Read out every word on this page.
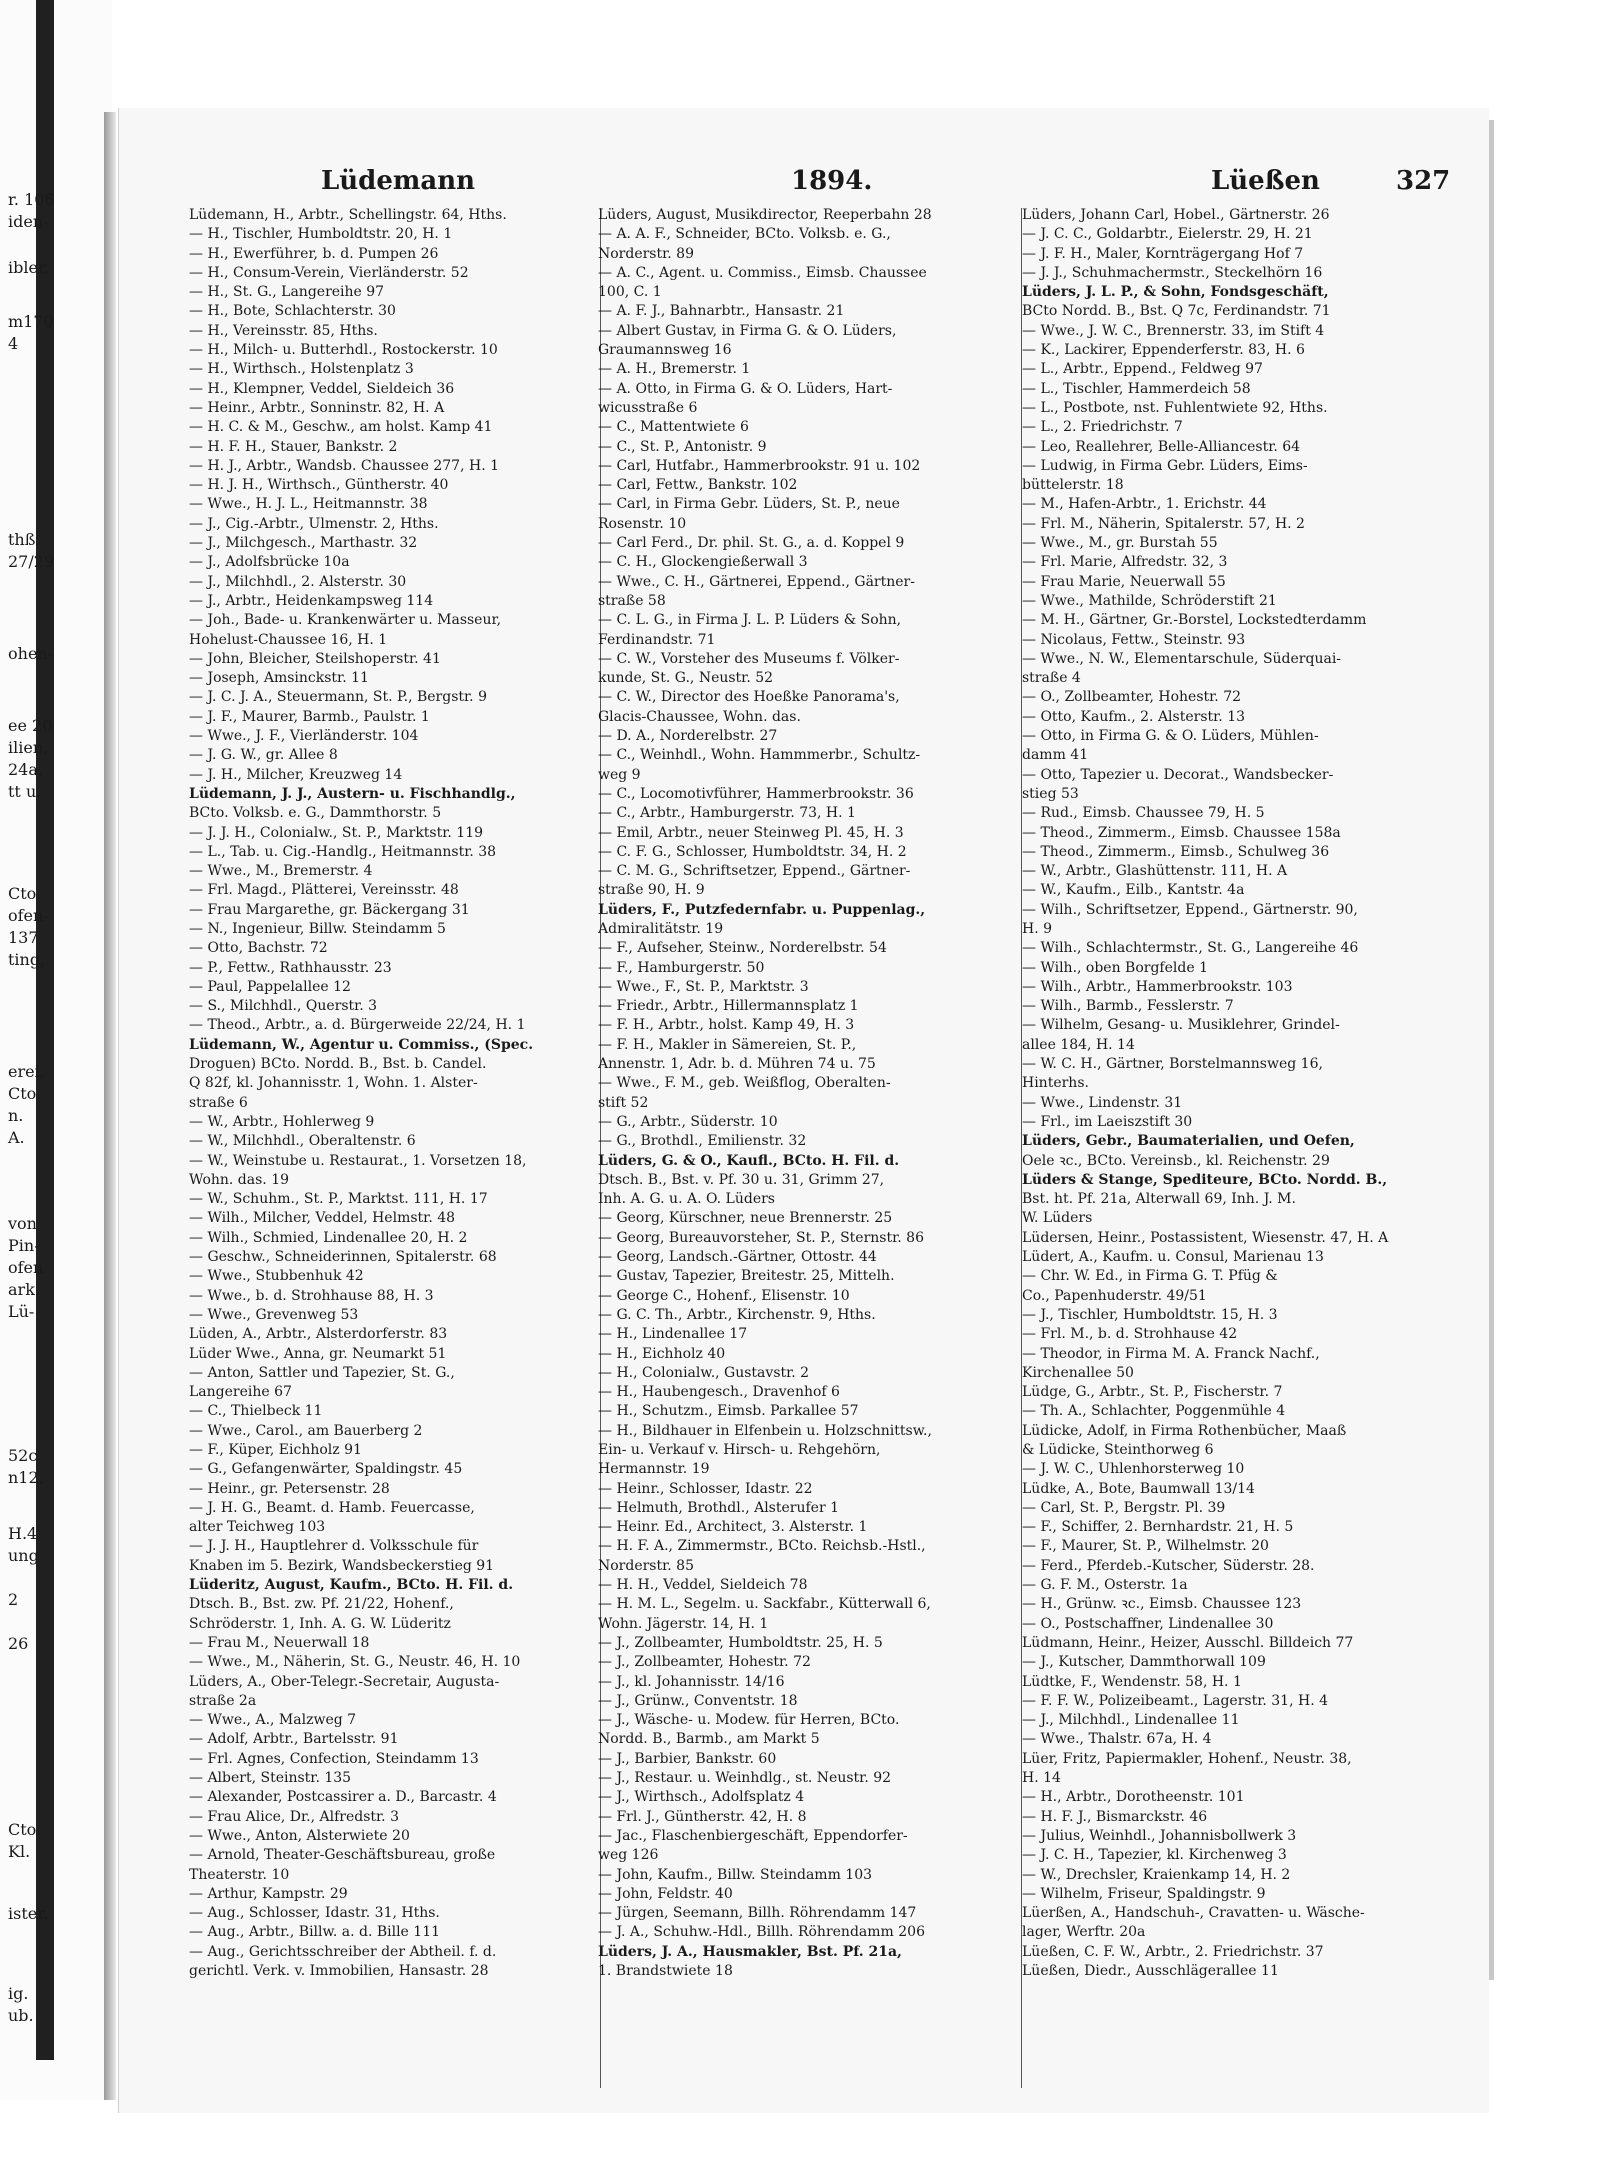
r. 106
iden-
ibler,
m170
4
thß.
27/29
ohen-
ee 20
ilien,
24a,
tt u.
Cto.
ofen-
137
ting,
erei,
Cto.
n.
A.
von
Pin-
ofen
ark
Lü-
52c
n12,
H.4
ung
2
26
Cto.
Kl.
ister.
ig.
ub.
Lüdemann	1894.	Lüeßen	327
Lüdemann, H., Arbtr., Schellingstr. 64, Hths.
— H., Tischler, Humboldtstr. 20, H. 1
— H., Ewerführer, b. d. Pumpen 26
— H., Consum-Verein, Vierländerstr. 52
— H., St. G., Langereihe 97
— H., Bote, Schlachterstr. 30
— H., Vereinsstr. 85, Hths.
— H., Milch- u. Butterhdl., Rostockerstr. 10
— H., Wirthsch., Holstenplatz 3
— H., Klempner, Veddel, Sieldeich 36
— Heinr., Arbtr., Sonninstr. 82, H. A
— H. C. & M., Geschw., am holst. Kamp 41
— H. F. H., Stauer, Bankstr. 2
— H. J., Arbtr., Wandsb. Chaussee 277, H. 1
— H. J. H., Wirthsch., Güntherstr. 40
— Wwe., H. J. L., Heitmannstr. 38
— J., Cig.-Arbtr., Ulmenstr. 2, Hths.
— J., Milchgesch., Marthastr. 32
— J., Adolfsbrücke 10a
— J., Milchhdl., 2. Alsterstr. 30
— J., Arbtr., Heidenkampsweg 114
— Joh., Bade- u. Krankenwärter u. Masseur,
Hohelust-Chaussee 16, H. 1
— John, Bleicher, Steilshoperstr. 41
— Joseph, Amsinckstr. 11
— J. C. J. A., Steuermann, St. P., Bergstr. 9
— J. F., Maurer, Barmb., Paulstr. 1
— Wwe., J. F., Vierländerstr. 104
— J. G. W., gr. Allee 8
— J. H., Milcher, Kreuzweg 14
Lüdemann, J. J., Austern- u. Fischhandlg.,
BCto. Volksb. e. G., Dammthorstr. 5
— J. J. H., Colonialw., St. P., Marktstr. 119
— L., Tab. u. Cig.-Handlg., Heitmannstr. 38
— Wwe., M., Bremerstr. 4
— Frl. Magd., Plätterei, Vereinsstr. 48
— Frau Margarethe, gr. Bäckergang 31
— N., Ingenieur, Billw. Steindamm 5
— Otto, Bachstr. 72
— P., Fettw., Rathhausstr. 23
— Paul, Pappelallee 12
— S., Milchhdl., Querstr. 3
— Theod., Arbtr., a. d. Bürgerweide 22/24, H. 1
Lüdemann, W., Agentur u. Commiss., (Spec.
Droguen) BCto. Nordd. B., Bst. b. Candel.
Q 82f, kl. Johannisstr. 1, Wohn. 1. Alster-
straße 6
— W., Arbtr., Hohlerweg 9
— W., Milchhdl., Oberaltenstr. 6
— W., Weinstube u. Restaurat., 1. Vorsetzen 18,
Wohn. das. 19
— W., Schuhm., St. P., Marktst. 111, H. 17
— Wilh., Milcher, Veddel, Helmstr. 48
— Wilh., Schmied, Lindenallee 20, H. 2
— Geschw., Schneiderinnen, Spitalerstr. 68
— Wwe., Stubbenhuk 42
— Wwe., b. d. Strohhause 88, H. 3
— Wwe., Grevenweg 53
Lüden, A., Arbtr., Alsterdorferstr. 83
Lüder Wwe., Anna, gr. Neumarkt 51
— Anton, Sattler und Tapezier, St. G.,
Langereihe 67
— C., Thielbeck 11
— Wwe., Carol., am Bauerberg 2
— F., Küper, Eichholz 91
— G., Gefangenwärter, Spaldingstr. 45
— Heinr., gr. Petersenstr. 28
— J. H. G., Beamt. d. Hamb. Feuercasse,
alter Teichweg 103
— J. J. H., Hauptlehrer d. Volksschule für
Knaben im 5. Bezirk, Wandsbeckerstieg 91
Lüderitz, August, Kaufm., BCto. H. Fil. d.
Dtsch. B., Bst. zw. Pf. 21/22, Hohenf.,
Schröderstr. 1, Inh. A. G. W. Lüderitz
— Frau M., Neuerwall 18
— Wwe., M., Näherin, St. G., Neustr. 46, H. 10
Lüders, A., Ober-Telegr.-Secretair, Augusta-
straße 2a
— Wwe., A., Malzweg 7
— Adolf, Arbtr., Bartelsstr. 91
— Frl. Agnes, Confection, Steindamm 13
— Albert, Steinstr. 135
— Alexander, Postcassirer a. D., Barcastr. 4
— Frau Alice, Dr., Alfredstr. 3
— Wwe., Anton, Alsterwiete 20
— Arnold, Theater-Geschäftsbureau, große
Theaterstr. 10
— Arthur, Kampstr. 29
— Aug., Schlosser, Idastr. 31, Hths.
— Aug., Arbtr., Billw. a. d. Bille 111
— Aug., Gerichtsschreiber der Abtheil. f. d.
gerichtl. Verk. v. Immobilien, Hansastr. 28
Lüders, August, Musikdirector, Reeperbahn 28
— A. A. F., Schneider, BCto. Volksb. e. G.,
Norderstr. 89
— A. C., Agent. u. Commiss., Eimsb. Chaussee
100, C. 1
— A. F. J., Bahnarbtr., Hansastr. 21
— Albert Gustav, in Firma G. & O. Lüders,
Graumannsweg 16
— A. H., Bremerstr. 1
— A. Otto, in Firma G. & O. Lüders, Hart-
wicusstraße 6
— C., Mattentwiete 6
— C., St. P., Antonistr. 9
— Carl, Hutfabr., Hammerbrookstr. 91 u. 102
— Carl, Fettw., Bankstr. 102
— Carl, in Firma Gebr. Lüders, St. P., neue
Rosenstr. 10
— Carl Ferd., Dr. phil. St. G., a. d. Koppel 9
— C. H., Glockengießerwall 3
— Wwe., C. H., Gärtnerei, Eppend., Gärtner-
straße 58
— C. L. G., in Firma J. L. P. Lüders & Sohn,
Ferdinandstr. 71
— C. W., Vorsteher des Museums f. Völker-
kunde, St. G., Neustr. 52
— C. W., Director des Hoeßke Panorama's,
Glacis-Chaussee, Wohn. das.
— D. A., Norderelbstr. 27
— C., Weinhdl., Wohn. Hammmerbr., Schultz-
weg 9
— C., Locomotivführer, Hammerbrookstr. 36
— C., Arbtr., Hamburgerstr. 73, H. 1
— Emil, Arbtr., neuer Steinweg Pl. 45, H. 3
— C. F. G., Schlosser, Humboldtstr. 34, H. 2
— C. M. G., Schriftsetzer, Eppend., Gärtner-
straße 90, H. 9
Lüders, F., Putzfedernfabr. u. Puppenlag.,
Admiralitätstr. 19
— F., Aufseher, Steinw., Norderelbstr. 54
— F., Hamburgerstr. 50
— Wwe., F., St. P., Marktstr. 3
— Friedr., Arbtr., Hillermannsplatz 1
— F. H., Arbtr., holst. Kamp 49, H. 3
— F. H., Makler in Sämereien, St. P.,
Annenstr. 1, Adr. b. d. Mühren 74 u. 75
— Wwe., F. M., geb. Weißflog, Oberalten-
stift 52
— G., Arbtr., Süderstr. 10
— G., Brothdl., Emilienstr. 32
Lüders, G. & O., Kaufl., BCto. H. Fil. d.
Dtsch. B., Bst. v. Pf. 30 u. 31, Grimm 27,
Inh. A. G. u. A. O. Lüders
— Georg, Kürschner, neue Brennerstr. 25
— Georg, Bureauvorsteher, St. P., Sternstr. 86
— Georg, Landsch.-Gärtner, Ottostr. 44
— Gustav, Tapezier, Breitestr. 25, Mittelh.
— George C., Hohenf., Elisenstr. 10
— G. C. Th., Arbtr., Kirchenstr. 9, Hths.
— H., Lindenallee 17
— H., Eichholz 40
— H., Colonialw., Gustavstr. 2
— H., Haubengesch., Dravenhof 6
— H., Schutzm., Eimsb. Parkallee 57
— H., Bildhauer in Elfenbein u. Holzschnittsw.,
Ein- u. Verkauf v. Hirsch- u. Rehgehörn,
Hermannstr. 19
— Heinr., Schlosser, Idastr. 22
— Helmuth, Brothdl., Alsterufer 1
— Heinr. Ed., Architect, 3. Alsterstr. 1
— H. F. A., Zimmermstr., BCto. Reichsb.-Hstl.,
Norderstr. 85
— H. H., Veddel, Sieldeich 78
— H. M. L., Segelm. u. Sackfabr., Kütterwall 6,
Wohn. Jägerstr. 14, H. 1
— J., Zollbeamter, Humboldtstr. 25, H. 5
— J., Zollbeamter, Hohestr. 72
— J., kl. Johannisstr. 14/16
— J., Grünw., Conventstr. 18
— J., Wäsche- u. Modew. für Herren, BCto.
Nordd. B., Barmb., am Markt 5
— J., Barbier, Bankstr. 60
— J., Restaur. u. Weinhdlg., st. Neustr. 92
— J., Wirthsch., Adolfsplatz 4
— Frl. J., Güntherstr. 42, H. 8
— Jac., Flaschenbiergeschäft, Eppendorfer-
weg 126
— John, Kaufm., Billw. Steindamm 103
— John, Feldstr. 40
— Jürgen, Seemann, Billh. Röhrendamm 147
— J. A., Schuhw.-Hdl., Billh. Röhrendamm 206
Lüders, J. A., Hausmakler, Bst. Pf. 21a,
1. Brandstwiete 18
Lüders, Johann Carl, Hobel., Gärtnerstr. 26
— J. C. C., Goldarbtr., Eielerstr. 29, H. 21
— J. F. H., Maler, Kornträgergang Hof 7
— J. J., Schuhmachermstr., Steckelhörn 16
Lüders, J. L. P., & Sohn, Fondsgeschäft,
BCto Nordd. B., Bst. Q 7c, Ferdinandstr. 71
— Wwe., J. W. C., Brennerstr. 33, im Stift 4
— K., Lackirer, Eppenderferstr. 83, H. 6
— L., Arbtr., Eppend., Feldweg 97
— L., Tischler, Hammerdeich 58
— L., Postbote, nst. Fuhlentwiete 92, Hths.
— L., 2. Friedrichstr. 7
— Leo, Reallehrer, Belle-Alliancestr. 64
— Ludwig, in Firma Gebr. Lüders, Eims-
büttelerstr. 18
— M., Hafen-Arbtr., 1. Erichstr. 44
— Frl. M., Näherin, Spitalerstr. 57, H. 2
— Wwe., M., gr. Burstah 55
— Frl. Marie, Alfredstr. 32, 3
— Frau Marie, Neuerwall 55
— Wwe., Mathilde, Schröderstift 21
— M. H., Gärtner, Gr.-Borstel, Lockstedterdamm
— Nicolaus, Fettw., Steinstr. 93
— Wwe., N. W., Elementarschule, Süderquai-
straße 4
— O., Zollbeamter, Hohestr. 72
— Otto, Kaufm., 2. Alsterstr. 13
— Otto, in Firma G. & O. Lüders, Mühlen-
damm 41
— Otto, Tapezier u. Decorat., Wandsbecker-
stieg 53
— Rud., Eimsb. Chaussee 79, H. 5
— Theod., Zimmerm., Eimsb. Chaussee 158a
— Theod., Zimmerm., Eimsb., Schulweg 36
— W., Arbtr., Glashüttenstr. 111, H. A
— W., Kaufm., Eilb., Kantstr. 4a
— Wilh., Schriftsetzer, Eppend., Gärtnerstr. 90,
H. 9
— Wilh., Schlachtermstr., St. G., Langereihe 46
— Wilh., oben Borgfelde 1
— Wilh., Arbtr., Hammerbrookstr. 103
— Wilh., Barmb., Fesslerstr. 7
— Wilhelm, Gesang- u. Musiklehrer, Grindel-
allee 184, H. 14
— W. C. H., Gärtner, Borstelmannsweg 16,
Hinterhs.
— Wwe., Lindenstr. 31
— Frl., im Laeiszstift 30
Lüders, Gebr., Baumaterialien, und Oefen,
Oele ꝛc., BCto. Vereinsb., kl. Reichenstr. 29
Lüders & Stange, Spediteure, BCto. Nordd. B.,
Bst. ht. Pf. 21a, Alterwall 69, Inh. J. M.
W. Lüders
Lüdersen, Heinr., Postassistent, Wiesenstr. 47, H. A
Lüdert, A., Kaufm. u. Consul, Marienau 13
— Chr. W. Ed., in Firma G. T. Pfüg &
Co., Papenhuderstr. 49/51
— J., Tischler, Humboldtstr. 15, H. 3
— Frl. M., b. d. Strohhause 42
— Theodor, in Firma M. A. Franck Nachf.,
Kirchenallee 50
Lüdge, G., Arbtr., St. P., Fischerstr. 7
— Th. A., Schlachter, Poggenmühle 4
Lüdicke, Adolf, in Firma Rothenbücher, Maaß
& Lüdicke, Steinthorweg 6
— J. W. C., Uhlenhorsterweg 10
Lüdke, A., Bote, Baumwall 13/14
— Carl, St. P., Bergstr. Pl. 39
— F., Schiffer, 2. Bernhardstr. 21, H. 5
— F., Maurer, St. P., Wilhelmstr. 20
— Ferd., Pferdeb.-Kutscher, Süderstr. 28.
— G. F. M., Osterstr. 1a
— H., Grünw. ꝛc., Eimsb. Chaussee 123
— O., Postschaffner, Lindenallee 30
Lüdmann, Heinr., Heizer, Ausschl. Billdeich 77
— J., Kutscher, Dammthorwall 109
Lüdtke, F., Wendenstr. 58, H. 1
— F. F. W., Polizeibeamt., Lagerstr. 31, H. 4
— J., Milchhdl., Lindenallee 11
— Wwe., Thalstr. 67a, H. 4
Lüer, Fritz, Papiermakler, Hohenf., Neustr. 38,
H. 14
— H., Arbtr., Dorotheenstr. 101
— H. F. J., Bismarckstr. 46
— Julius, Weinhdl., Johannisbollwerk 3
— J. C. H., Tapezier, kl. Kirchenweg 3
— W., Drechsler, Kraienkamp 14, H. 2
— Wilhelm, Friseur, Spaldingstr. 9
Lüerßen, A., Handschuh-, Cravatten- u. Wäsche-
lager, Werftr. 20a
Lüeßen, C. F. W., Arbtr., 2. Friedrichstr. 37
Lüeßen, Diedr., Ausschlägerallee 11
